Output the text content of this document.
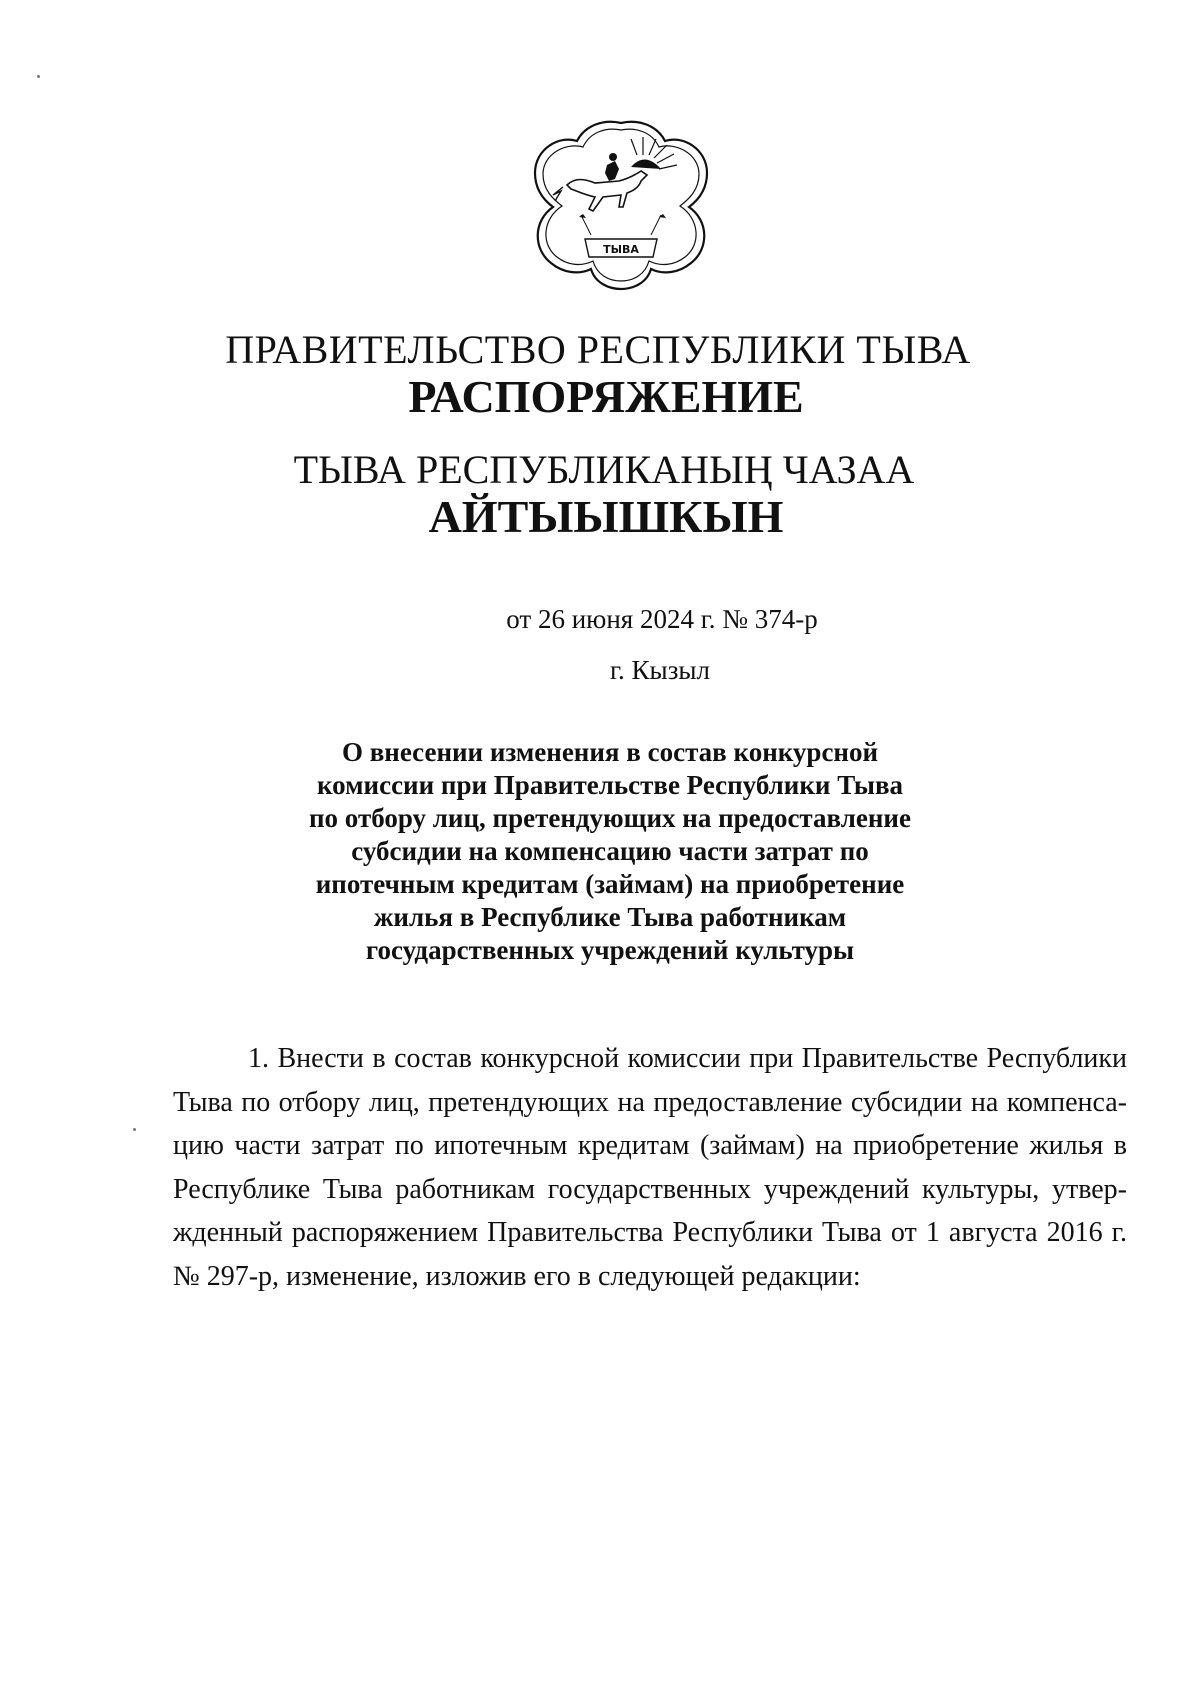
ТЫВА
ПРАВИТЕЛЬСТВО РЕСПУБЛИКИ ТЫВА
РАСПОРЯЖЕНИЕ
ТЫВА РЕСПУБЛИКАНЫҢ ЧАЗАА
АЙТЫЫШКЫН
от 26 июня 2024 г. № 374-р
г. Кызыл
О внесении изменения в состав конкурсной
комиссии при Правительстве Республики Тыва
по отбору лиц, претендующих на предоставление
субсидии на компенсацию части затрат по
ипотечным кредитам (займам) на приобретение
жилья в Республике Тыва работникам
государственных учреждений культуры
1. Внести в состав конкурсной комиссии при Правительстве Республики
Тыва по отбору лиц, претендующих на предоставление субсидии на компенса-
цию части затрат по ипотечным кредитам (займам) на приобретение жилья в
Республике Тыва работникам государственных учреждений культуры, утвер-
жденный распоряжением Правительства Республики Тыва от 1 августа 2016 г.
№ 297-р, изменение, изложив его в следующей редакции:
